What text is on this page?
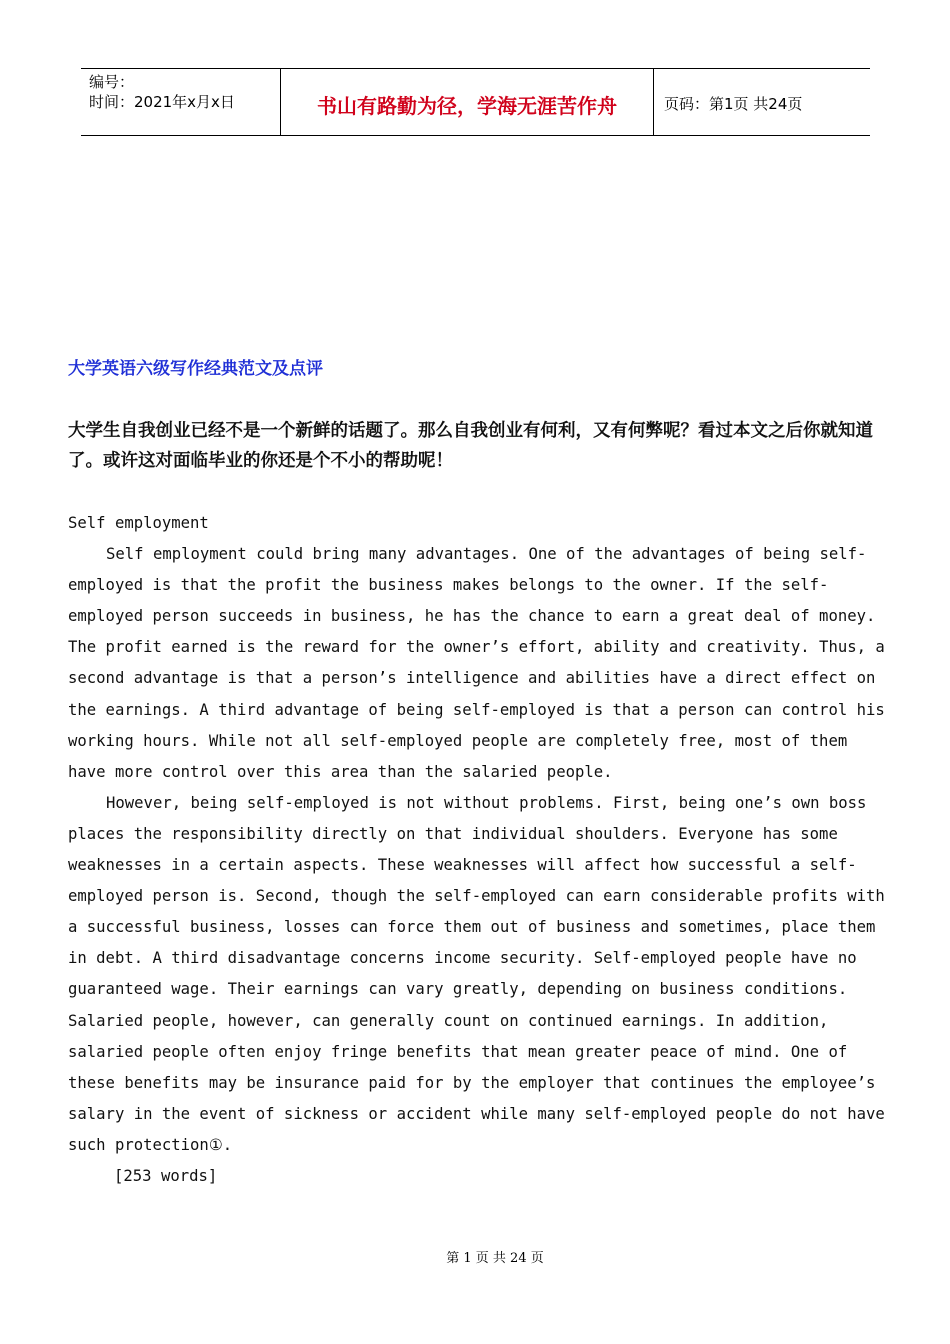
编号：
时间：2021年x月x日	书山有路勤为径，学海无涯苦作舟	页码：第1页 共24页
大学英语六级写作经典范文及点评

大学生自我创业已经不是一个新鲜的话题了。那么自我创业有何利，又有何弊呢？看过本文之后你就知道了。或许这对面临毕业的你还是个不小的帮助呢！

Self employment

Self employment could bring many advantages. One of the advantages of being self-employed is that the profit the business makes belongs to the owner. If the self-employed person succeeds in business, he has the chance to earn a great deal of money. The profit earned is the reward for the owner’s effort, ability and creativity. Thus, a second advantage is that a person’s intelligence and abilities have a direct effect on the earnings. A third advantage of being self-employed is that a person can control his working hours. While not all self-employed people are completely free, most of them have more control over this area than the salaried people.

However, being self-employed is not without problems. First, being one’s own boss places the responsibility directly on that individual shoulders. Everyone has some weaknesses in a certain aspects. These weaknesses will affect how successful a self-employed person is. Second, though the self-employed can earn considerable profits with a successful business, losses can force them out of business and sometimes, place them in debt. A third disadvantage concerns income security. Self-employed people have no guaranteed wage. Their earnings can vary greatly, depending on business conditions. Salaried people, however, can generally count on continued earnings. In addition, salaried people often enjoy fringe benefits that mean greater peace of mind. One of these benefits may be insurance paid for by the employer that continues the employee’s salary in the event of sickness or accident while many self-employed people do not have such protection①.

[253 words]

第 1 页 共 24 页
